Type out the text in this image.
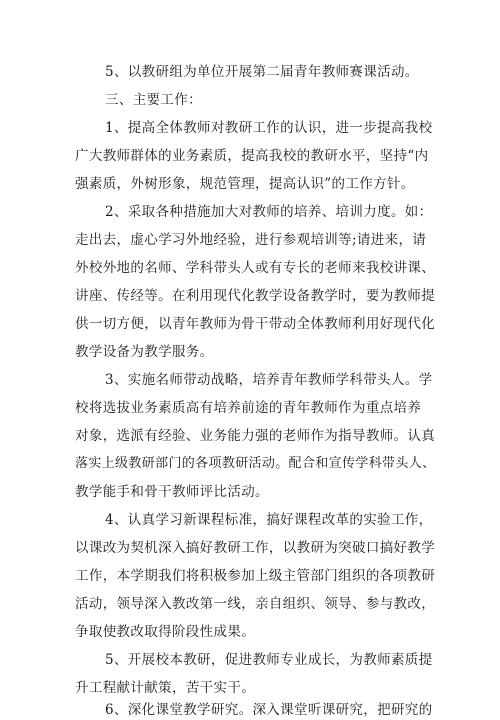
5、以教研组为单位开展第二届青年教师赛课活动。
三、主要工作：
1、提高全体教师对教研工作的认识，进一步提高我校
广大教师群体的业务素质，提高我校的教研水平，坚持“内
强素质，外树形象，规范管理，提高认识”的工作方针。
2、采取各种措施加大对教师的培养、培训力度。如：
走出去，虚心学习外地经验，进行参观培训等;请进来，请
外校外地的名师、学科带头人或有专长的老师来我校讲课、
讲座、传经等。在利用现代化教学设备教学时，要为教师提
供一切方便，以青年教师为骨干带动全体教师利用好现代化
教学设备为教学服务。
3、实施名师带动战略，培养青年教师学科带头人。学
校将选拔业务素质高有培养前途的青年教师作为重点培养
对象，选派有经验、业务能力强的老师作为指导教师。认真
落实上级教研部门的各项教研活动。配合和宣传学科带头人、
教学能手和骨干教师评比活动。
4、认真学习新课程标准，搞好课程改革的实验工作，
以课改为契机深入搞好教研工作，以教研为突破口搞好教学
工作，本学期我们将积极参加上级主管部门组织的各项教研
活动，领导深入教改第一线，亲自组织、领导、参与教改，
争取使教改取得阶段性成果。
5、开展校本教研，促进教师专业成长，为教师素质提
升工程献计献策，苦干实干。
6、深化课堂教学研究。深入课堂听课研究，把研究的
